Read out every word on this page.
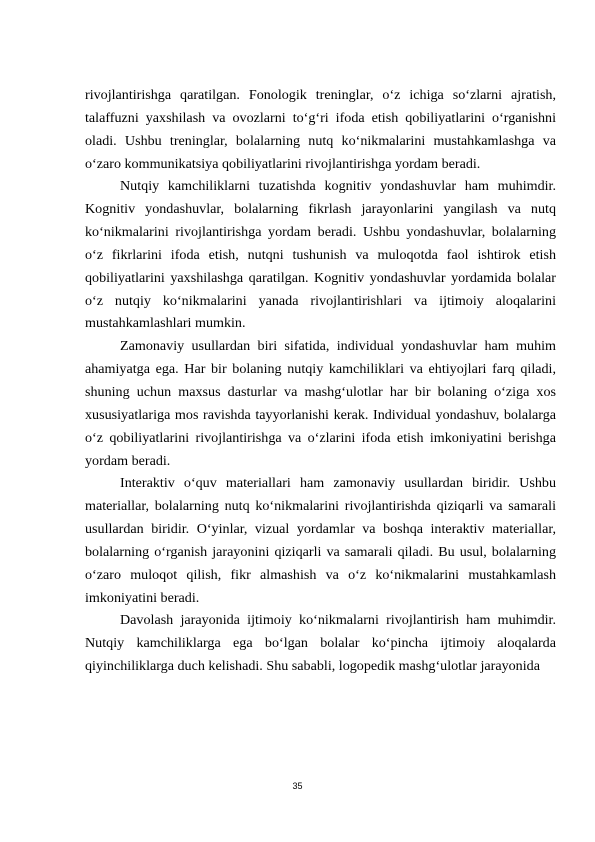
rivojlantirishga qaratilgan. Fonologik treninglar, o‘z ichiga so‘zlarni ajratish, talaffuzni yaxshilash va ovozlarni to‘g‘ri ifoda etish qobiliyatlarini o‘rganishni oladi. Ushbu treninglar, bolalarning nutq ko‘nikmalarini mustahkamlashga va o‘zaro kommunikatsiya qobiliyatlarini rivojlantirishga yordam beradi.

Nutqiy kamchiliklarni tuzatishda kognitiv yondashuvlar ham muhimdir. Kognitiv yondashuvlar, bolalarning fikrlash jarayonlarini yangilash va nutq ko‘nikmalarini rivojlantirishga yordam beradi. Ushbu yondashuvlar, bolalarning o‘z fikrlarini ifoda etish, nutqni tushunish va muloqotda faol ishtirok etish qobiliyatlarini yaxshilashga qaratilgan. Kognitiv yondashuvlar yordamida bolalar o‘z nutqiy ko‘nikmalarini yanada rivojlantirishlari va ijtimoiy aloqalarini mustahkamlashlari mumkin.

Zamonaviy usullardan biri sifatida, individual yondashuvlar ham muhim ahamiyatga ega. Har bir bolaning nutqiy kamchiliklari va ehtiyojlari farq qiladi, shuning uchun maxsus dasturlar va mashg‘ulotlar har bir bolaning o‘ziga xos xususiyatlariga mos ravishda tayyorlanishi kerak. Individual yondashuv, bolalarga o‘z qobiliyatlarini rivojlantirishga va o‘zlarini ifoda etish imkoniyatini berishga yordam beradi.

Interaktiv o‘quv materiallari ham zamonaviy usullardan biridir. Ushbu materiallar, bolalarning nutq ko‘nikmalarini rivojlantirishda qiziqarli va samarali usullardan biridir. O‘yinlar, vizual yordamlar va boshqa interaktiv materiallar, bolalarning o‘rganish jarayonini qiziqarli va samarali qiladi. Bu usul, bolalarning o‘zaro muloqot qilish, fikr almashish va o‘z ko‘nikmalarini mustahkamlash imkoniyatini beradi.

Davolash jarayonida ijtimoiy ko‘nikmalarni rivojlantirish ham muhimdir. Nutqiy kamchiliklarga ega bo‘lgan bolalar ko‘pincha ijtimoiy aloqalarda qiyinchiliklarga duch kelishadi. Shu sababli, logopedik mashg‘ulotlar jarayonida

35
